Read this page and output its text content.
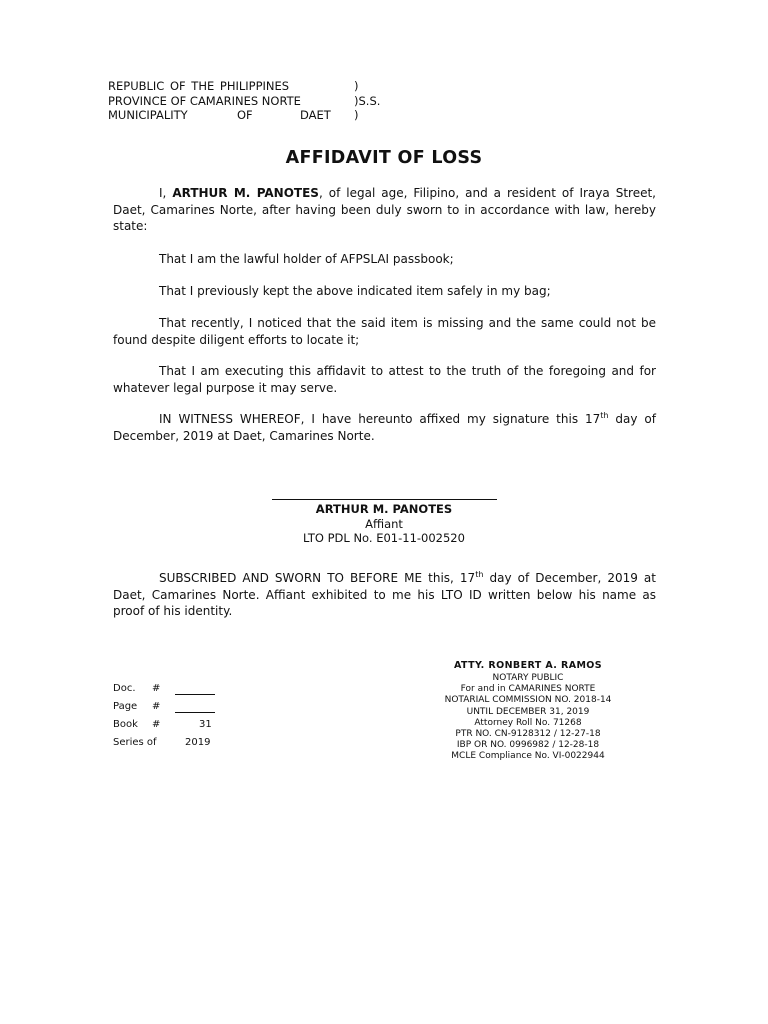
REPUBLIC OF THE PHILIPPINES	)
PROVINCE OF CAMARINES NORTE	)S.S.
MUNICIPALITY	OF	DAET )
AFFIDAVIT OF LOSS

I, ARTHUR M. PANOTES, of legal age, Filipino, and a resident of Iraya Street, Daet, Camarines Norte, after having been duly sworn to in accordance with law, hereby state:

That I am the lawful holder of AFPSLAI passbook;

That I previously kept the above indicated item safely in my bag;

That recently, I noticed that the said item is missing and the same could not be found despite diligent efforts to locate it;

That I am executing this affidavit to attest to the truth of the foregoing and for whatever legal purpose it may serve.

IN WITNESS WHEREOF, I have hereunto affixed my signature this 17th day of December, 2019 at Daet, Camarines Norte.

SUBSCRIBED AND SWORN TO BEFORE ME this, 17th day of December, 2019 at Daet, Camarines Norte. Affiant exhibited to me his LTO ID written below his name as proof of his identity.

ARTHUR M. PANOTES
Affiant
LTO PDL No. E01-11-002520
ATTY. RONBERT A. RAMOS
NOTARY PUBLIC
For and in CAMARINES NORTE
NOTARIAL COMMISSION NO. 2018-14
UNTIL DECEMBER 31, 2019
Attorney Roll No. 71268
PTR NO. CN-9128312 / 12-27-18
IBP OR NO. 0996982 / 12-28-18
MCLE Compliance No. VI-0022944
Doc. #
Page #
Book #	31
Series of	2019
